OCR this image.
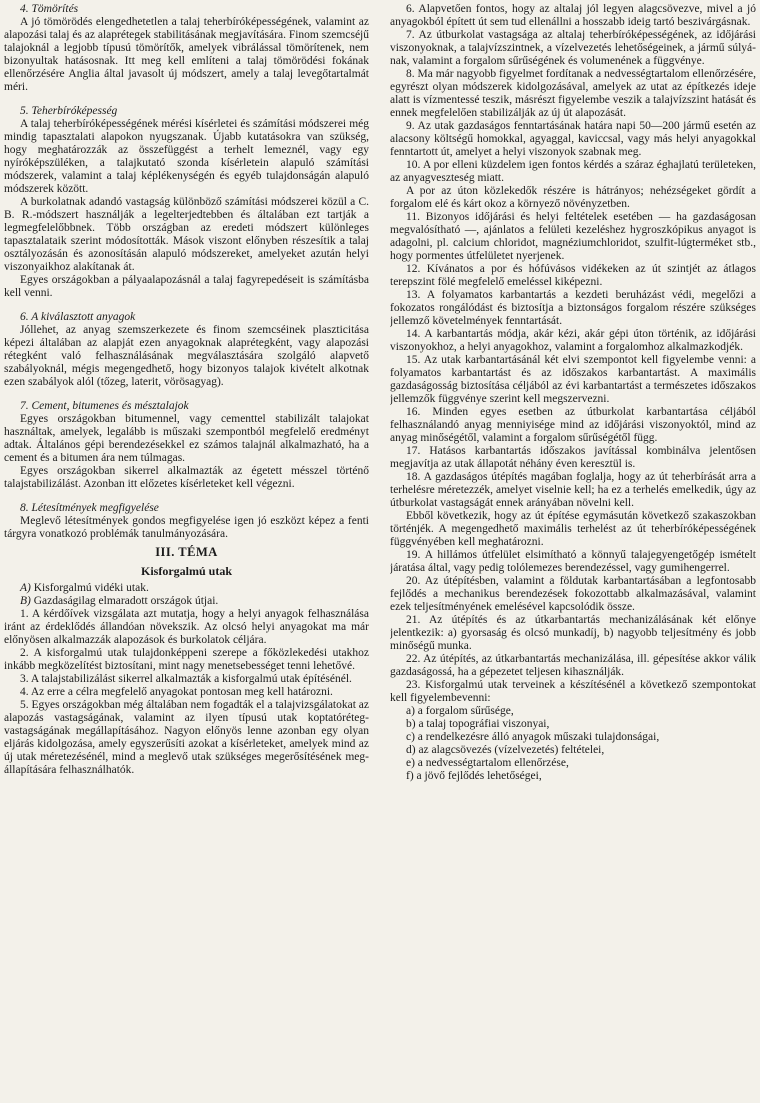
4. Tömörítés

A jó tömörödés elengedhetetlen a talaj teherbíróképességének, valamint az alapozási talaj és az alaprétegek stabilitásának megjavítására. Finom szemcséjű talajoknál a legjobb típusú tömörítők, amelyek vibrálással tömörítenek, nem bizonyultak hatásosnak. Itt meg kell említeni a talaj tömörödési fokának ellenőrzésére Anglia által javasolt új módszert, amely a talaj levegőtartalmát méri.

5. Teherbíróképesség

A talaj teherbíróképességének mérési kísérletei és számítási módszerei még mindig tapasztalati alapokon nyugszanak. Újabb kutatásokra van szükség, hogy meghatározzák az összefüggést a terhelt lemeznél, vagy egy nyíróképszüléken, a talajkutató szonda kísérletein alapuló számítási módszerek, valamint a talaj képlékenységén és egyéb tulajdonságán alapuló módszerek között.

A burkolatnak adandó vastagság különböző számítási módszerei közül a C. B. R.-módszert használják a legelterjedtebben és általában ezt tartják a legmegfelelőbbnek. Több országban az eredeti módszert különleges tapasztalataik szerint módosították. Mások viszont előnyben részesítik a talaj osztályozásán és azonosításán alapuló módszereket, amelyeket azután helyi viszonyaikhoz alakítanak át.

Egyes országokban a pályaalapozásnál a talaj fagyrepedéseit is számításba kell venni.

6. A kiválasztott anyagok

Jóllehet, az anyag szemszerkezete és finom szemcséinek plaszticitása képezi általában az alapját ezen anyagoknak alaprétegként, vagy alapozási rétegként való felhasználásának megválasztására szolgáló alapvető szabályoknál, mégis megengedhető, hogy bizonyos talajok kivételt alkotnak ezen szabályok alól (tőzeg, laterit, vörösagyag).

7. Cement, bitumenes és mésztalajok

Egyes országokban bitumennel, vagy cementtel stabilizált talajokat használtak, amelyek, legalább is műszaki szempontból megfelelő eredményt adtak. Általános gépi berendezésekkel ez számos talajnál alkalmazható, ha a cement és a bitumen ára nem túlmagas.

Egyes országokban sikerrel alkalmazták az égetett mésszel történő talajstabilizálást. Azonban itt előzetes kísérleteket kell végezni.

8. Létesítmények megfigyelése

Meglevő létesítmények gondos megfigyelése igen jó eszközt képez a fenti tárgyra vonatkozó problémák tanulmányozására.

III. TÉMA
Kisforgalmú utak

A) Kisforgalmú vidéki utak.

B) Gazdaságilag elmaradott országok útjai.

1. A kérdőívek vizsgálata azt mutatja, hogy a helyi anyagok felhasználása iránt az érdeklődés állandóan növekszik. Az olcsó helyi anyagokat ma már előnyösen alkalmazzák alapozások és burkolatok céljára.

2. A kisforgalmú utak tulajdonképpeni szerepe a főközlekedési utakhoz inkább megközelítést biztosítani, mint nagy menetsebességet tenni lehetővé.

3. A talajstabilizálást sikerrel alkalmazták a kisforgalmú utak építésénél.

4. Az erre a célra megfelelő anyagokat pontosan meg kell határozni.

5. Egyes országokban még általában nem fogadták el a talajvizsgálatokat az alapozás vastagságának, valamint az ilyen típusú utak koptatóréteg-vastagságának megállapításához. Nagyon előnyös lenne azonban egy olyan eljárás kidolgozása, amely egyszerűsíti azokat a kísérleteket, amelyek mind az új utak méretezésénél, mind a meglevő utak szükséges megerősítésének megállapítására felhasználhatók.

6. Alapvetően fontos, hogy az altalaj jól legyen alagcsövezve, mivel a jó anyagokból épített út sem tud ellenállni a hosszabb ideig tartó beszivárgásnak.

7. Az útburkolat vastagsága az altalaj teherbíróképességének, az időjárási viszonyoknak, a talajvízszintnek, a vízelvezetés lehetőségeinek, a jármű súlyának, valamint a forgalom sűrűségének és volumenének a függvénye.

8. Ma már nagyobb figyelmet fordítanak a nedvességtartalom ellenőrzésére, egyrészt olyan módszerek kidolgozásával, amelyek az utat az építkezés ideje alatt is vízmentessé teszik, másrészt figyelembe veszik a talajvízszint hatását és ennek megfelelően stabilizálják az új út alapozását.

9. Az utak gazdaságos fenntartásának határa napi 50—200 jármű esetén az alacsony költségű homokkal, agyaggal, kaviccsal, vagy más helyi anyagokkal fenntartott út, amelyet a helyi viszonyok szabnak meg.

10. A por elleni küzdelem igen fontos kérdés a száraz éghajlatú területeken, az anyagveszteség miatt.

A por az úton közlekedők részére is hátrányos; nehézségeket gördít a forgalom elé és kárt okoz a környező növényzetben.

11. Bizonyos időjárási és helyi feltételek esetében — ha gazdaságosan megvalósítható —, ajánlatos a felületi kezeléshez hygroszkópikus anyagot is adagolni, pl. calcium chloridot, magnéziumchloridot, szulfit-lúgterméket stb., hogy pormentes útfelületet nyerjenek.

12. Kívánatos a por és hófúvásos vidékeken az út szintjét az átlagos terepszint fölé megfelelő emeléssel kiképezni.

13. A folyamatos karbantartás a kezdeti beruházást védi, megelőzi a fokozatos rongálódást és biztosítja a biztonságos forgalom részére szükséges jellemző követelmények fenntartását.

14. A karbantartás módja, akár kézi, akár gépi úton történik, az időjárási viszonyokhoz, a helyi anyagokhoz, valamint a forgalomhoz alkalmazkodjék.

15. Az utak karbantartásánál két elvi szempontot kell figyelembe venni: a folyamatos karbantartást és az időszakos karbantartást. A maximális gazdaságosság biztosítása céljából az évi karbantartást a természetes időszakos jellemzők függvénye szerint kell megszervezni.

16. Minden egyes esetben az útburkolat karbantartása céljából felhasználandó anyag menniyisége mind az időjárási viszonyoktól, mind az anyag minőségétől, valamint a forgalom sűrűségétől függ.

17. Hatásos karbantartás időszakos javítással kombinálva jelentősen megjavítja az utak állapotát néhány éven keresztül is.

18. A gazdaságos útépítés magában foglalja, hogy az út teherbírását arra a terhelésre méretezzék, amelyet viselnie kell; ha ez a terhelés emelkedik, úgy az útburkolat vastagságát ennek arányában növelni kell.

Ebből következik, hogy az út építése egymásután következő szakaszokban történjék. A megengedhető maximális terhelést az út teherbíróképességének függvényében kell meghatározni.

19. A hillámos útfelület elsimítható a könnyű talajegyengetőgép ismételt járatása által, vagy pedig tolólemezes berendezéssel, vagy gumihengerrel.

20. Az útépítésben, valamint a földutak karbantartásában a legfontosabb fejlődés a mechanikus berendezések fokozottabb alkalmazásával, valamint ezek teljesítményének emelésével kapcsolódik össze.

21. Az útépítés és az útkarbantartás mechanizálásának két előnye jelentkezik: a) gyorsaság és olcsó munkadíj, b) nagyobb teljesítmény és jobb minőségű munka.

22. Az útépítés, az útkarbantartás mechanizálása, ill. gépesítése akkor válik gazdaságossá, ha a gépezetet teljesen kihasználják.

23. Kisforgalmú utak terveinek a készítésénél a következő szempontokat kell figyelembevenni:

a) a forgalom sűrűsége,

b) a talaj topográfiai viszonyai,

c) a rendelkezésre álló anyagok műszaki tulajdonságai,

d) az alagcsövezés (vízelvezetés) feltételei,

e) a nedvességtartalom ellenőrzése,

f) a jövő fejlődés lehetőségei,
